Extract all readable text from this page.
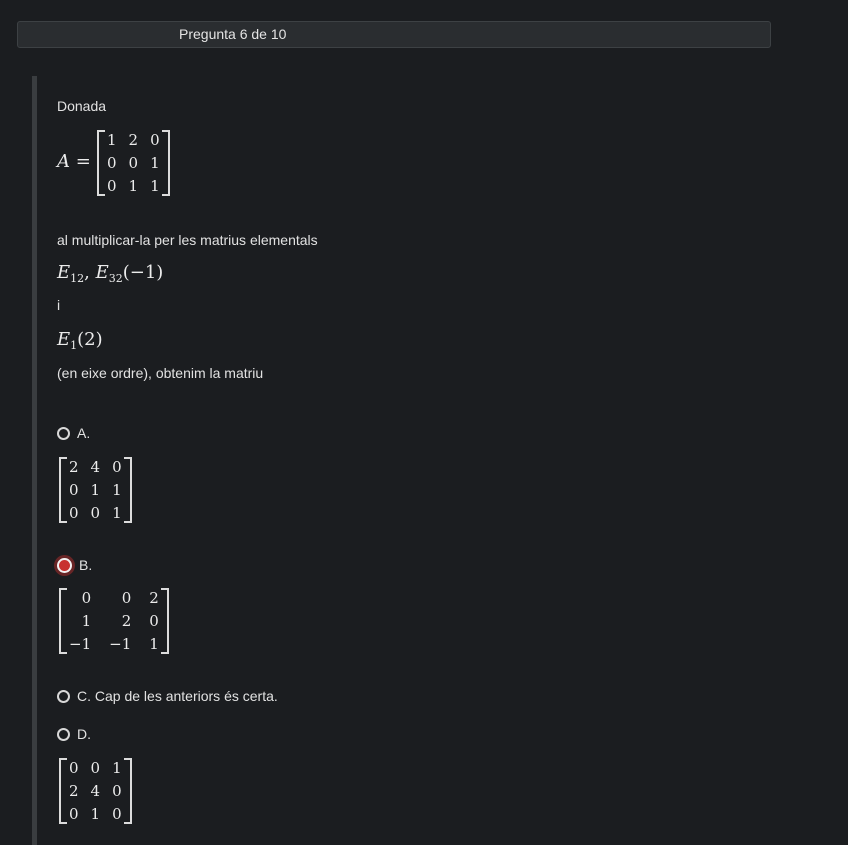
Pregunta 6 de 10
Donada
A =
1 2 0
0 0 1
0 1 1
al multiplicar-la per les matrius elementals
$E_{12}$, $E_{32}(-1)$
i
$E_1(2)$
(en eixe ordre), obtenim la matriu
A.
2 4 0
0 1 1
0 0 1
B.
0	0 2
1	2 0
−1 −1 1
C. Cap de les anteriors és certa.
D.
0 0 1
2 4 0
0 1 0
